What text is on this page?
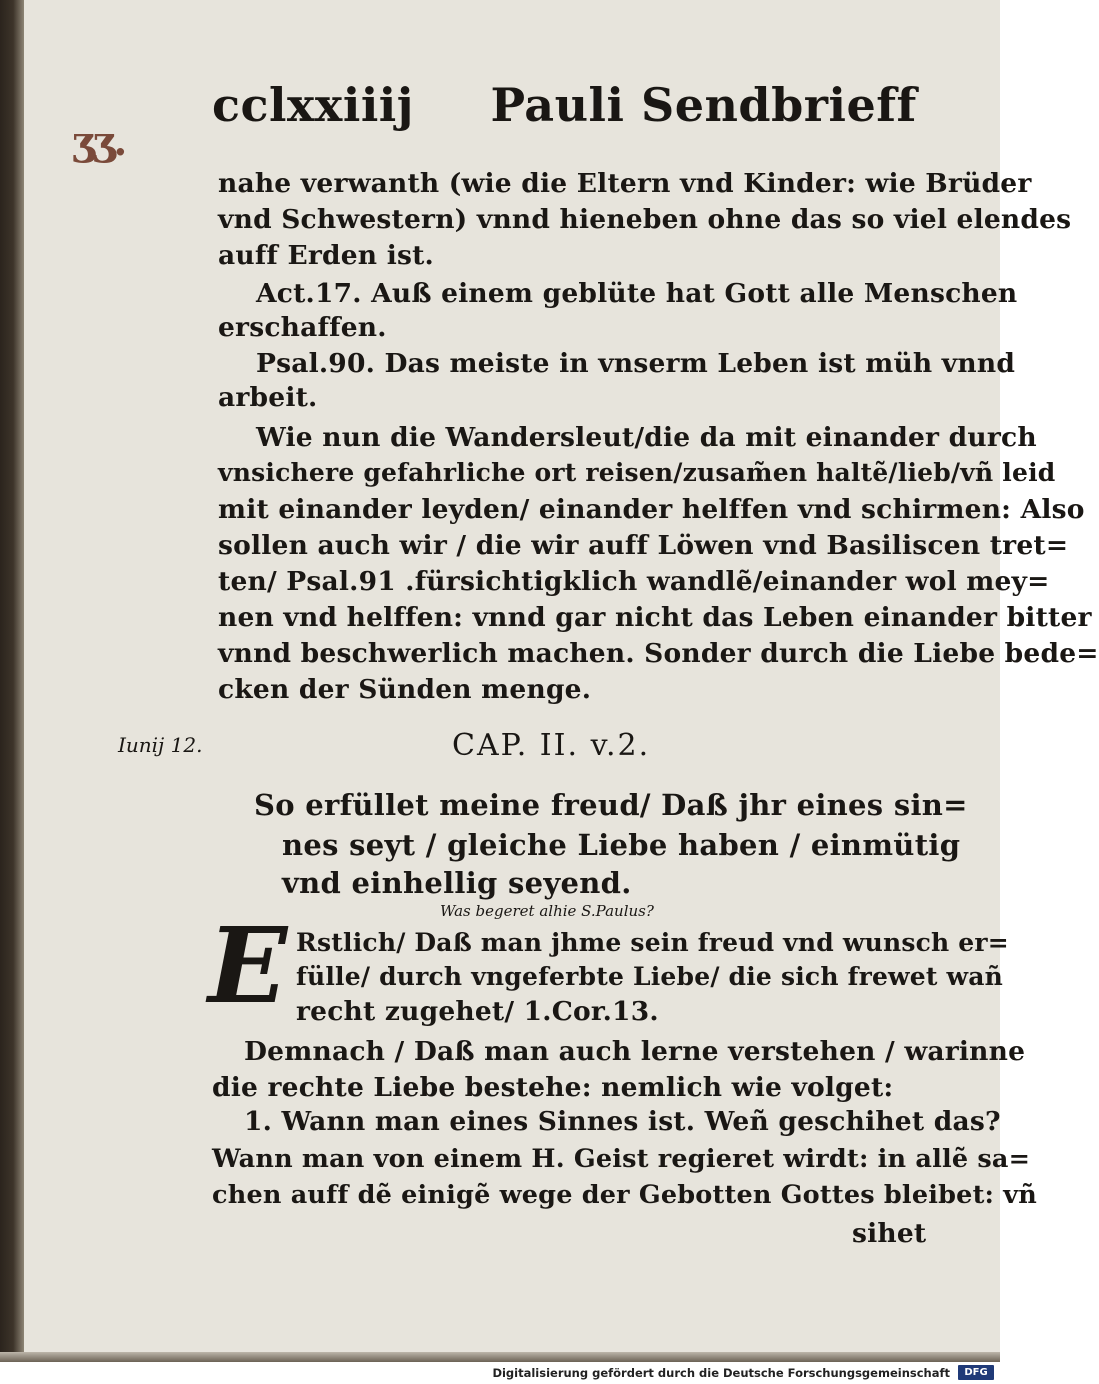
ʒʒ.
cclxxiiij Pauli Sendbrieff
nahe verwanth (wie die Eltern vnd Kinder: wie Brüder
vnd Schwestern) vnnd hieneben ohne das so viel elendes
auff Erden ist.
Act.17. Auß einem geblüte hat Gott alle Menschen
erschaffen.
Psal.90. Das meiste in vnserm Leben ist müh vnnd
arbeit.
Wie nun die Wandersleut/die da mit einander durch
vnsichere gefahrliche ort reisen/zusam̃en haltẽ/lieb/vñ leid
mit einander leyden/ einander helffen vnd schirmen: Also
sollen auch wir / die wir auff Löwen vnd Basiliscen tret=
ten/ Psal.91 .fürsichtigklich wandlẽ/einander wol mey=
nen vnd helffen: vnnd gar nicht das Leben einander bitter
vnnd beschwerlich machen. Sonder durch die Liebe bede=
cken der Sünden menge.
Iunij 12.	CAP. II. v.2.
So erfüllet meine freud/ Daß jhr eines sin=
nes seyt / gleiche Liebe haben / einmütig
vnd einhellig seyend.
Was begeret alhie S.Paulus?
E Rstlich/ Daß man jhme sein freud vnd wunsch er=
fülle/ durch vngeferbte Liebe/ die sich frewet wañ
recht zugehet/ 1.Cor.13.
Demnach / Daß man auch lerne verstehen / warinne
die rechte Liebe bestehe: nemlich wie volget:
1. Wann man eines Sinnes ist. Weñ geschihet das?
Wann man von einem H. Geist regieret wirdt: in allẽ sa=
chen auff dẽ einigẽ wege der Gebotten Gottes bleibet: vñ
sihet
Digitalisierung gefördert durch die Deutsche Forschungsgemeinschaft	DFG
